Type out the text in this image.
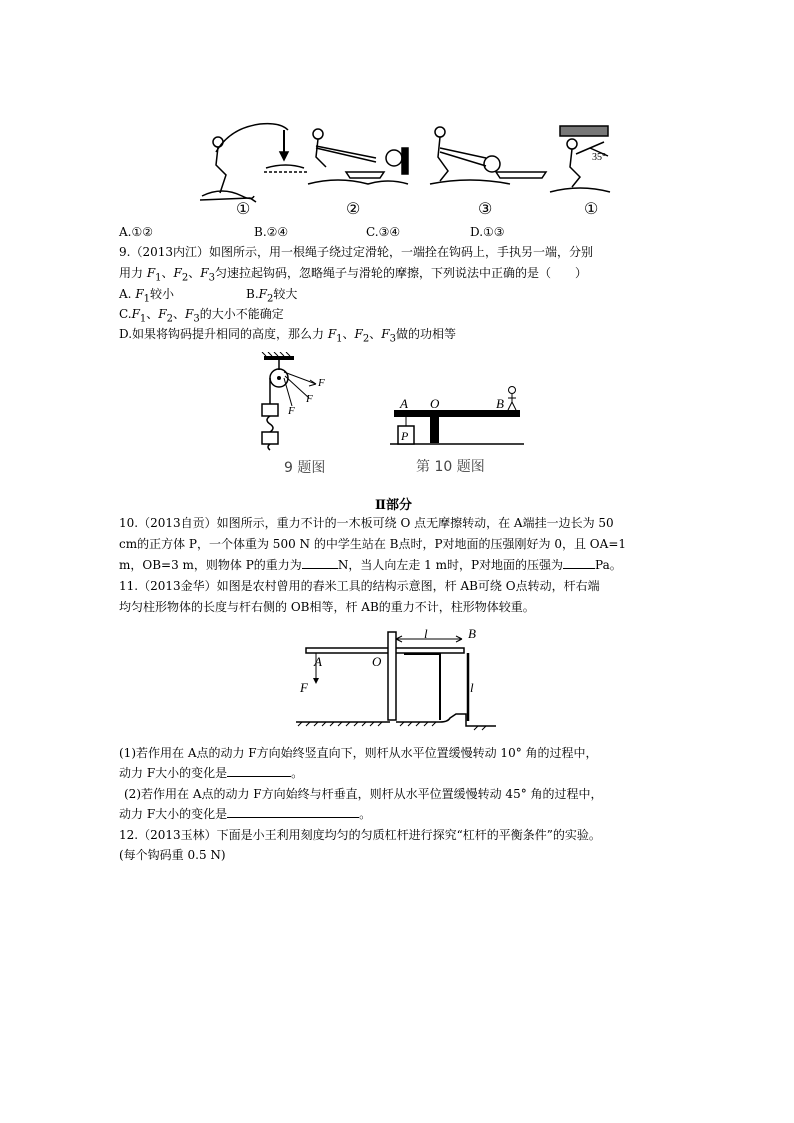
35°
①	②	③	①
A.①②	B.②④	C.③④	D.①③
9.（2013内江）如图所示，用一根绳子绕过定滑轮，一端拴在钩码上，手执另一端，分别
用力 $F_1$、$F_2$、$F_3$匀速拉起钩码，忽略绳子与滑轮的摩擦，下列说法中正确的是（　　）
A. $F_1$较小	$B.F_2$较大
$C.F_1$、$F_2$、$F_3$的大小不能确定
D.如果将钩码提升相同的高度，那么力 $F_1$、$F_2$、$F_3$做的功相等
F
F
F
9 题图
A O	B
P
第 10 题图
Ⅱ部分
10.（2013自贡）如图所示，重力不计的一木板可绕 O 点无摩擦转动，在 A端挂一边长为 50
cm的正方体 P，一个体重为 500 N 的中学生站在 B点时，P对地面的压强刚好为 0，且 OA=1
m，OB=3 m，则物体 P的重力为	N，当人向左走 1 m时，P对地面的压强为	Pa。
11.（2013金华）如图是农村曾用的舂米工具的结构示意图，杆 AB可绕 O点转动，杆右端
均匀柱形物体的长度与杆右侧的 OB相等，杆 AB的重力不计，柱形物体较重。
A	O
B
l
l
F
(1)若作用在 A点的动力 F方向始终竖直向下，则杆从水平位置缓慢转动 10° 角的过程中，
动力 F大小的变化是	。
(2)若作用在 A点的动力 F方向始终与杆垂直，则杆从水平位置缓慢转动 45° 角的过程中，
动力 F大小的变化是	。
12.（2013玉林）下面是小王利用刻度均匀的匀质杠杆进行探究“杠杆的平衡条件”的实验。
(每个钩码重 0.5 N)
